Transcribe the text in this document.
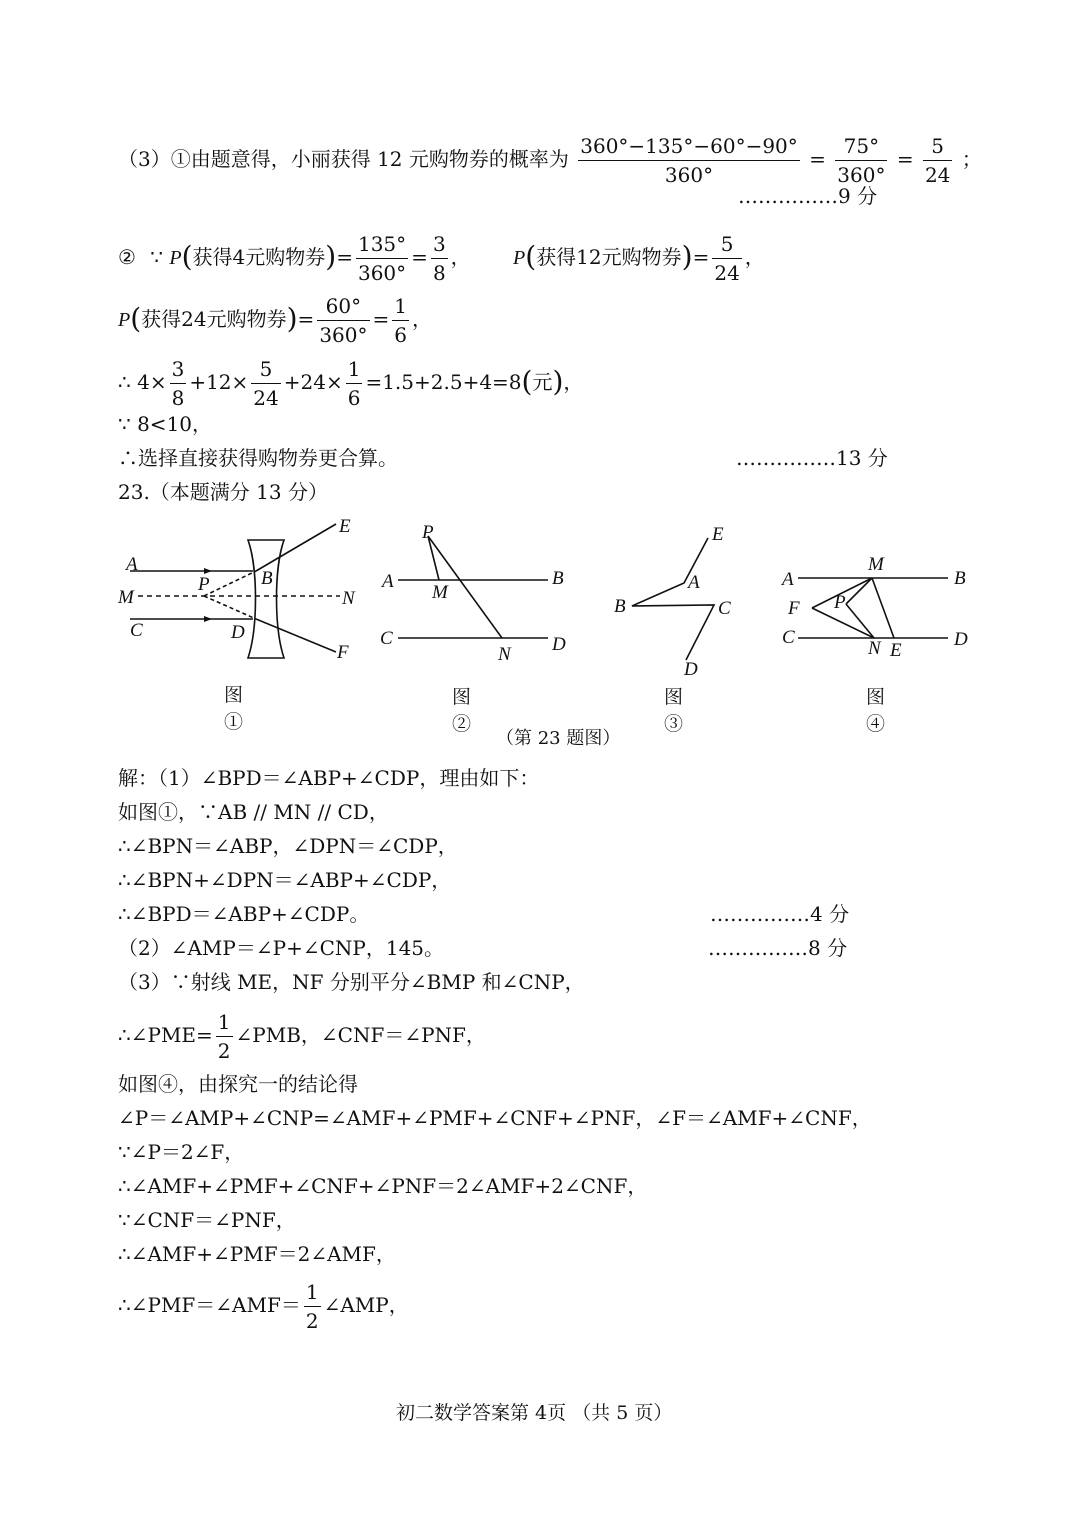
（3）①由题意得，小丽获得 12 元购物券的概率为 $\frac{360^\circ-135^\circ-60^\circ-90^\circ}{360^\circ} = \frac{75^\circ}{360^\circ} = \frac{5}{24}$ ；
……………9 分
② ∵ P(获得4元购物券)= $\frac{135^\circ}{360^\circ} = \frac{3}{8}$ ， P(获得12元购物券)= $\frac{5}{24}$ ，
P(获得24元购物券)= $\frac{60^\circ}{360^\circ} = \frac{1}{6}$ ，
∴ $4\times \frac{3}{8} +12\times \frac{5}{24} +24\times \frac{1}{6} =1.5+2.5+4=8$(元)，
∵ 8<10，
∴选择直接获得购物券更合算。	……………13 分
23.（本题满分 13 分）
A
M
C
P	B
D
E
N
F
图①
P
A
M
B
C
N D
图②
E
A
B	C
D
图③
M
A	B
F P
C
N E
D
图④
（第 23 题图）
解：（1）∠BPD＝∠ABP+∠CDP，理由如下：
如图①，∵AB // MN // CD，
∴∠BPN＝∠ABP，∠DPN＝∠CDP，
∴∠BPN+∠DPN＝∠ABP+∠CDP，
∴∠BPD＝∠ABP+∠CDP。	……………4 分
（2）∠AMP＝∠P+∠CNP，145。	……………8 分
（3）∵射线 ME，NF 分别平分∠BMP 和∠CNP，
∴∠PME= $\frac{1}{2}$ ∠PMB，∠CNF＝∠PNF，
如图④，由探究一的结论得
∠P＝∠AMP+∠CNP=∠AMF+∠PMF+∠CNF+∠PNF，∠F＝∠AMF+∠CNF，
∵∠P＝2∠F，
∴∠AMF+∠PMF+∠CNF+∠PNF＝2∠AMF+2∠CNF，
∵∠CNF＝∠PNF，
∴∠AMF+∠PMF＝2∠AMF，
∴∠PMF＝∠AMF＝ $\frac{1}{2}$ ∠AMP，
初二数学答案第 4页 （共 5 页）
